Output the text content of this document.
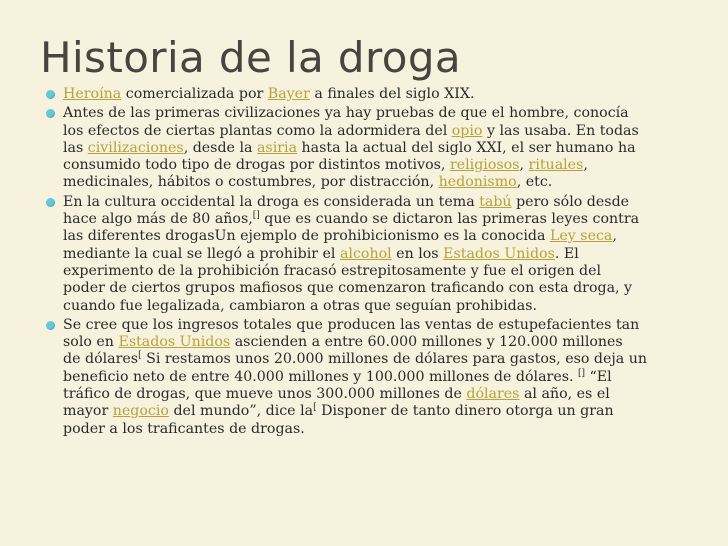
Historia de la droga
Heroína comercializada por Bayer a finales del siglo XIX.
Antes de las primeras civilizaciones ya hay pruebas de que el hombre, conocía
los efectos de ciertas plantas como la adormidera del opio y las usaba. En todas
las civilizaciones, desde la asiria hasta la actual del siglo XXI, el ser humano ha
consumido todo tipo de drogas por distintos motivos, religiosos, rituales,
medicinales, hábitos o costumbres, por distracción, hedonismo, etc.
En la cultura occidental la droga es considerada un tema tabú pero sólo desde
hace algo más de 80 años,[] que es cuando se dictaron las primeras leyes contra
las diferentes drogasUn ejemplo de prohibicionismo es la conocida Ley seca,
mediante la cual se llegó a prohibir el alcohol en los Estados Unidos. El
experimento de la prohibición fracasó estrepitosamente y fue el origen del
poder de ciertos grupos mafiosos que comenzaron traficando con esta droga, y
cuando fue legalizada, cambiaron a otras que seguían prohibidas.
Se cree que los ingresos totales que producen las ventas de estupefacientes tan
solo en Estados Unidos ascienden a entre 60.000 millones y 120.000 millones
de dólares[ Si restamos unos 20.000 millones de dólares para gastos, eso deja un
beneficio neto de entre 40.000 millones y 100.000 millones de dólares. [] “El
tráfico de drogas, que mueve unos 300.000 millones de dólares al año, es el
mayor negocio del mundo”, dice la[ Disponer de tanto dinero otorga un gran
poder a los traficantes de drogas.
